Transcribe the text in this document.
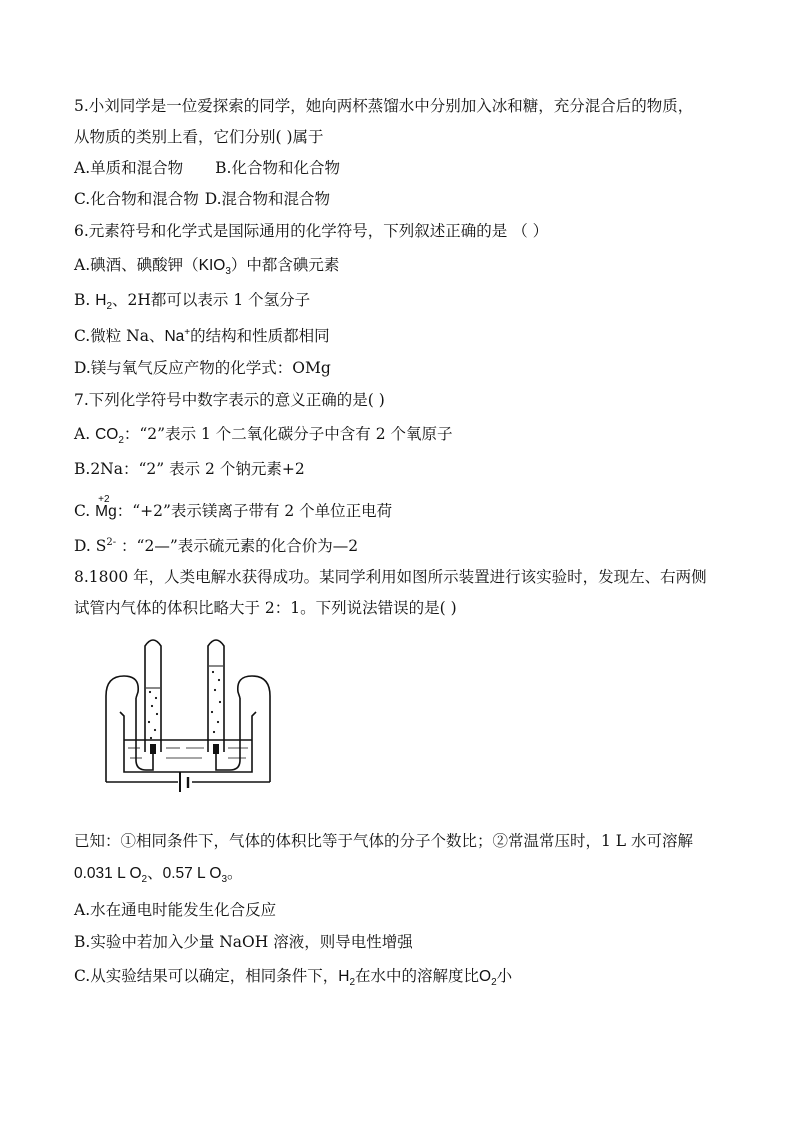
5.小刘同学是一位爱探索的同学，她向两杯蒸馏水中分别加入冰和糖，充分混合后的物质，
从物质的类别上看，它们分别( )属于
A.单质和混合物 B.化合物和化合物
C.化合物和混合物 D.混合物和混合物
6.元素符号和化学式是国际通用的化学符号，下列叙述正确的是 （ ）
A.碘酒、碘酸钾$(KIO_3)$中都含碘元素
B. $H_2$、2H都可以表示 1 个氢分子
C.微粒 Na、Na+的结构和性质都相同
D.镁与氧气反应产物的化学式：OMg
7.下列化学符号中数字表示的意义正确的是( )
A. $CO_2$：“2”表示 1 个二氧化碳分子中含有 2 个氧原子
B.2Na：“2” 表示 2 个钠元素+2
C.
+2
Mg：“+2”表示镁离子带有 2 个单位正电荷
D. $S^{2-}$ ：“2—”表示硫元素的化合价为—2
8.1800 年，人类电解水获得成功。某同学利用如图所示装置进行该实验时，发现左、右两侧
试管内气体的体积比略大于 2：1。下列说法错误的是( )
已知：①相同条件下，气体的体积比等于气体的分子个数比；②常温常压时，1 L 水可溶解
0.031 L $O_2$、0.57 L $O_3$。
A.水在通电时能发生化合反应
B.实验中若加入少量 NaOH 溶液，则导电性增强
C.从实验结果可以确定，相同条件下，$H_2$在水中的溶解度比$O_2$小
